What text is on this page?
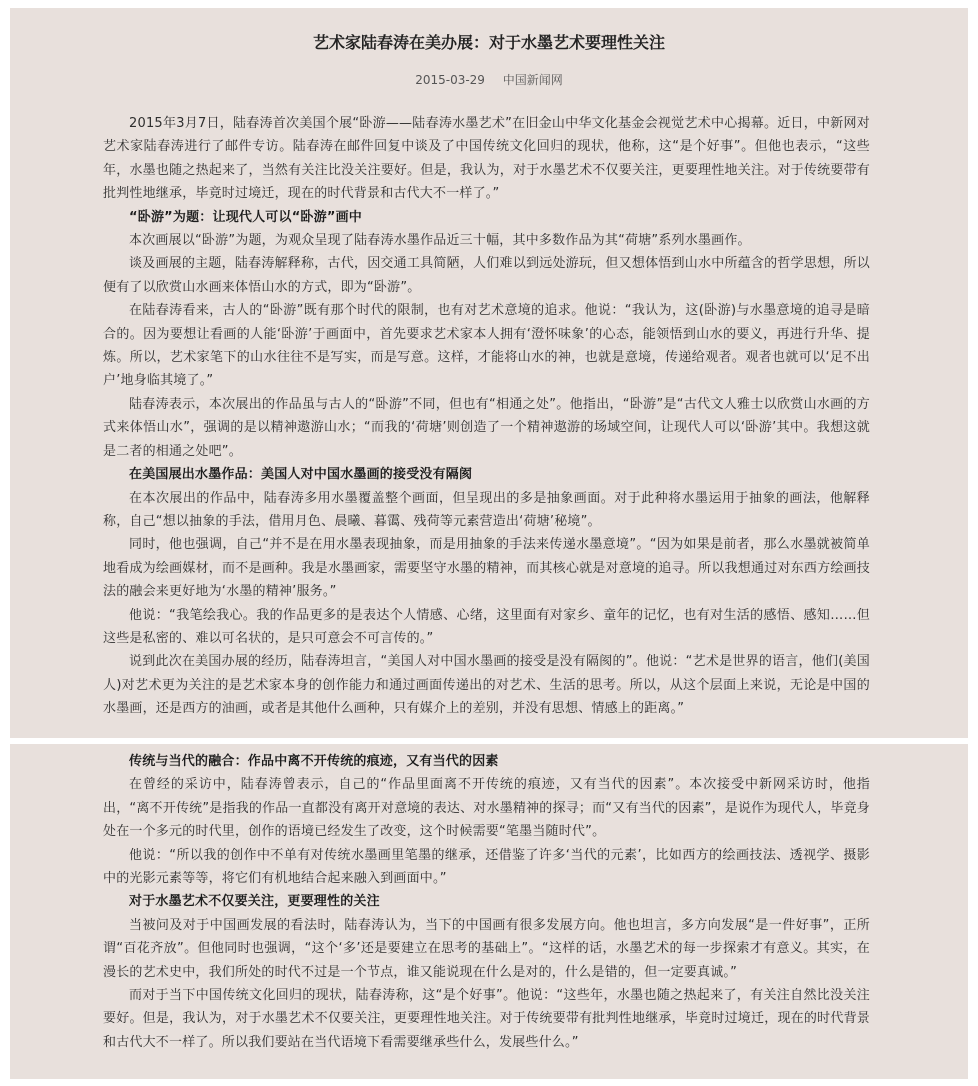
艺术家陆春涛在美办展：对于水墨艺术要理性关注
2015-03-29 中国新闻网

2015年3月7日，陆春涛首次美国个展“卧游——陆春涛水墨艺术”在旧金山中华文化基金会视觉艺术中心揭幕。近日，中新网对艺术家陆春涛进行了邮件专访。陆春涛在邮件回复中谈及了中国传统文化回归的现状，他称，这“是个好事”。但他也表示，“这些年，水墨也随之热起来了，当然有关注比没关注要好。但是，我认为，对于水墨艺术不仅要关注，更要理性地关注。对于传统要带有批判性地继承，毕竟时过境迁，现在的时代背景和古代大不一样了。”

“卧游”为题：让现代人可以“卧游”画中

本次画展以“卧游”为题，为观众呈现了陆春涛水墨作品近三十幅，其中多数作品为其“荷塘”系列水墨画作。

谈及画展的主题，陆春涛解释称，古代，因交通工具简陋，人们难以到远处游玩，但又想体悟到山水中所蕴含的哲学思想，所以便有了以欣赏山水画来体悟山水的方式，即为“卧游”。

在陆春涛看来，古人的“卧游”既有那个时代的限制，也有对艺术意境的追求。他说：“我认为，这(卧游)与水墨意境的追寻是暗合的。因为要想让看画的人能‘卧游’于画面中，首先要求艺术家本人拥有‘澄怀味象’的心态，能领悟到山水的要义，再进行升华、提炼。所以，艺术家笔下的山水往往不是写实，而是写意。这样，才能将山水的神，也就是意境，传递给观者。观者也就可以‘足不出户’地身临其境了。”

陆春涛表示，本次展出的作品虽与古人的“卧游”不同，但也有“相通之处”。他指出，“卧游”是“古代文人雅士以欣赏山水画的方式来体悟山水”，强调的是以精神遨游山水；“而我的‘荷塘’则创造了一个精神遨游的场域空间，让现代人可以‘卧游’其中。我想这就是二者的相通之处吧”。

在美国展出水墨作品：美国人对中国水墨画的接受没有隔阂

在本次展出的作品中，陆春涛多用水墨覆盖整个画面，但呈现出的多是抽象画面。对于此种将水墨运用于抽象的画法，他解释称，自己“想以抽象的手法，借用月色、晨曦、暮霭、残荷等元素营造出‘荷塘’秘境”。

同时，他也强调，自己“并不是在用水墨表现抽象，而是用抽象的手法来传递水墨意境”。“因为如果是前者，那么水墨就被简单地看成为绘画媒材，而不是画种。我是水墨画家，需要坚守水墨的精神，而其核心就是对意境的追寻。所以我想通过对东西方绘画技法的融会来更好地为‘水墨的精神’服务。”

他说：“我笔绘我心。我的作品更多的是表达个人情感、心绪，这里面有对家乡、童年的记忆，也有对生活的感悟、感知……但这些是私密的、难以可名状的，是只可意会不可言传的。”

说到此次在美国办展的经历，陆春涛坦言，“美国人对中国水墨画的接受是没有隔阂的”。他说：“艺术是世界的语言，他们(美国人)对艺术更为关注的是艺术家本身的创作能力和通过画面传递出的对艺术、生活的思考。所以，从这个层面上来说，无论是中国的水墨画，还是西方的油画，或者是其他什么画种，只有媒介上的差别，并没有思想、情感上的距离。”

传统与当代的融合：作品中离不开传统的痕迹，又有当代的因素

在曾经的采访中，陆春涛曾表示，自己的“作品里面离不开传统的痕迹，又有当代的因素”。本次接受中新网采访时，他指出，“离不开传统”是指我的作品一直都没有离开对意境的表达、对水墨精神的探寻；而“又有当代的因素”，是说作为现代人，毕竟身处在一个多元的时代里，创作的语境已经发生了改变，这个时候需要“笔墨当随时代”。

他说：“所以我的创作中不单有对传统水墨画里笔墨的继承，还借鉴了许多‘当代的元素’，比如西方的绘画技法、透视学、摄影中的光影元素等等，将它们有机地结合起来融入到画面中。”

对于水墨艺术不仅要关注，更要理性的关注

当被问及对于中国画发展的看法时，陆春涛认为，当下的中国画有很多发展方向。他也坦言，多方向发展“是一件好事”，正所谓“百花齐放”。但他同时也强调，“这个‘多’还是要建立在思考的基础上”。“这样的话，水墨艺术的每一步探索才有意义。其实，在漫长的艺术史中，我们所处的时代不过是一个节点，谁又能说现在什么是对的，什么是错的，但一定要真诚。”

而对于当下中国传统文化回归的现状，陆春涛称，这“是个好事”。他说：“这些年，水墨也随之热起来了，有关注自然比没关注要好。但是，我认为，对于水墨艺术不仅要关注，更要理性地关注。对于传统要带有批判性地继承，毕竟时过境迁，现在的时代背景和古代大不一样了。所以我们要站在当代语境下看需要继承些什么，发展些什么。”
